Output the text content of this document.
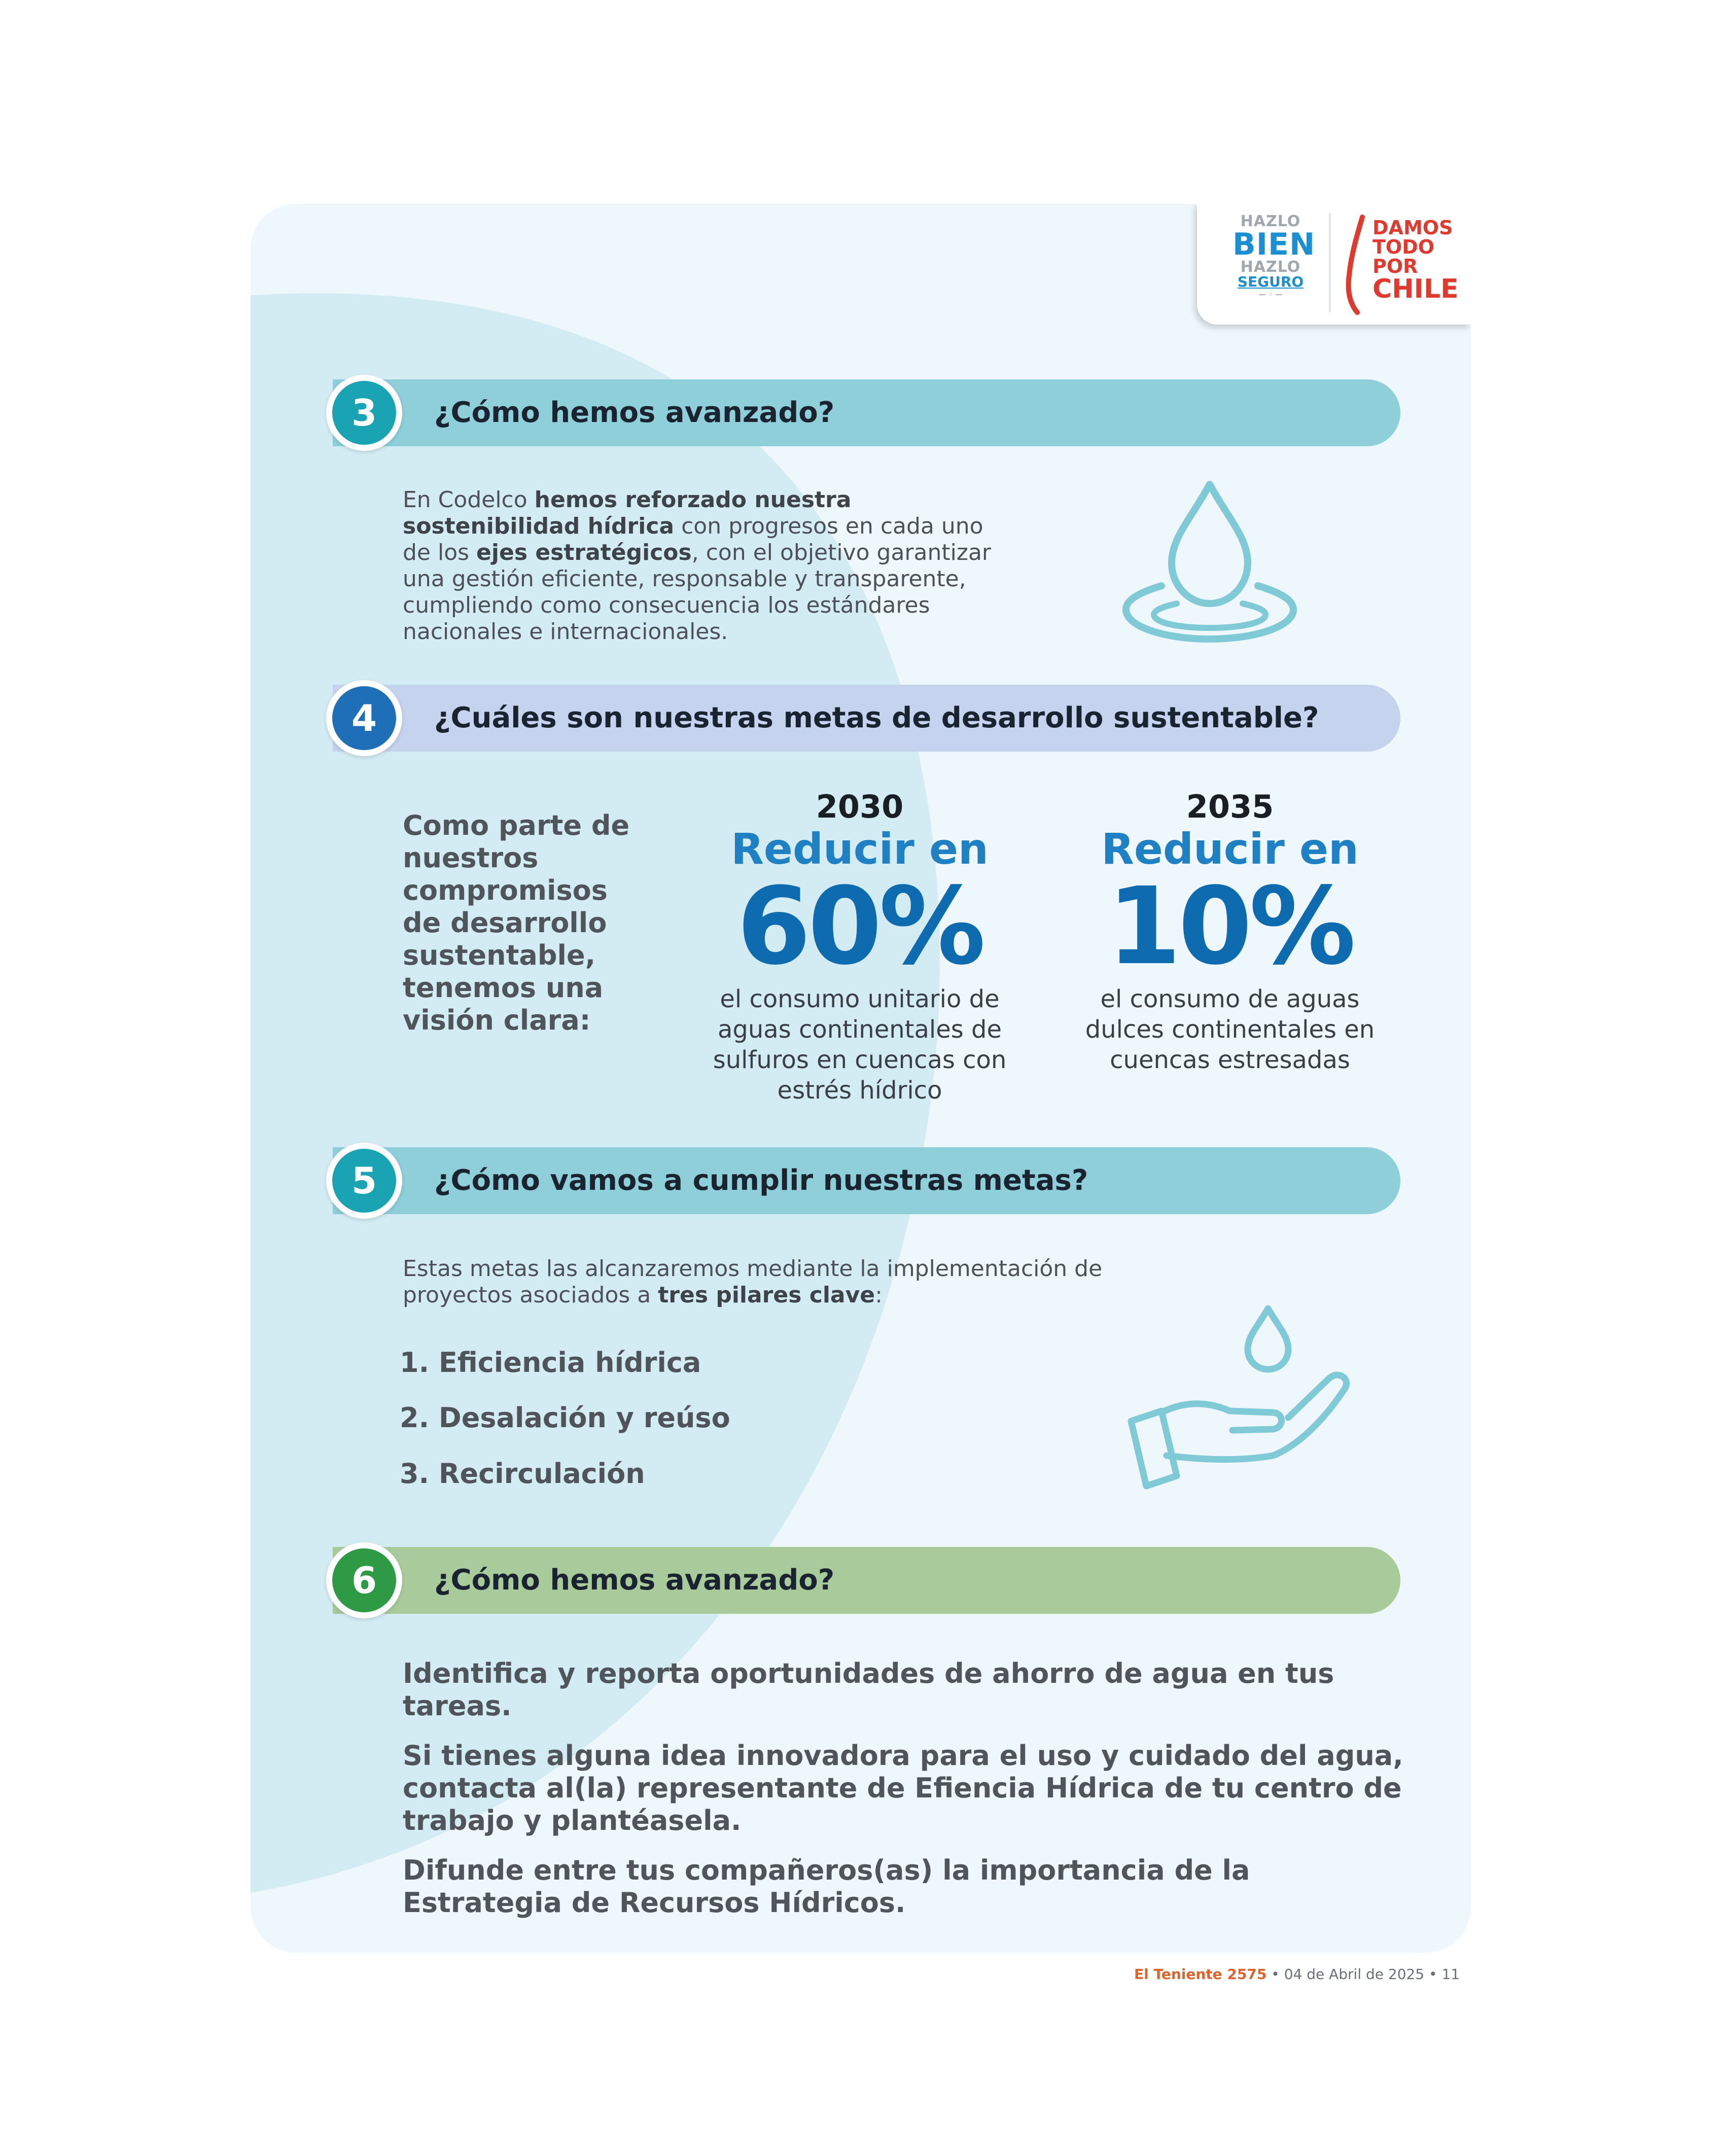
HAZLO
BIEN
HAZLO
SEGURO
— ◦ —
DAMOS
TODO
POR
CHILE
¿Cómo hemos avanzado?
3
En Codelco hemos reforzado nuestra sostenibilidad hídrica con progresos en cada uno de los ejes estratégicos, con el objetivo garantizar una gestión eficiente, responsable y transparente, cumpliendo como consecuencia los estándares nacionales e internacionales.
¿Cuáles son nuestras metas de desarrollo sustentable?
4
Como parte de nuestros compromisos de desarrollo sustentable, tenemos una visión clara:
2030
Reducir en
60%
el consumo unitario de aguas continentales de sulfuros en cuencas con estrés hídrico
2035
Reducir en
10%
el consumo de aguas dulces continentales en cuencas estresadas
¿Cómo vamos a cumplir nuestras metas?
5
Estas metas las alcanzaremos mediante la implementación de proyectos asociados a tres pilares clave:
1. Eficiencia hídrica
2. Desalación y reúso
3. Recirculación
¿Cómo hemos avanzado?
6

Identifica y reporta oportunidades de ahorro de agua en tus tareas.

Si tienes alguna idea innovadora para el uso y cuidado del agua, contacta al(la) representante de Efiencia Hídrica de tu centro de trabajo y plantéasela.

Difunde entre tus compañeros(as) la importancia de la Estrategia de Recursos Hídricos.

El Teniente 2575 • 04 de Abril de 2025 • 11
